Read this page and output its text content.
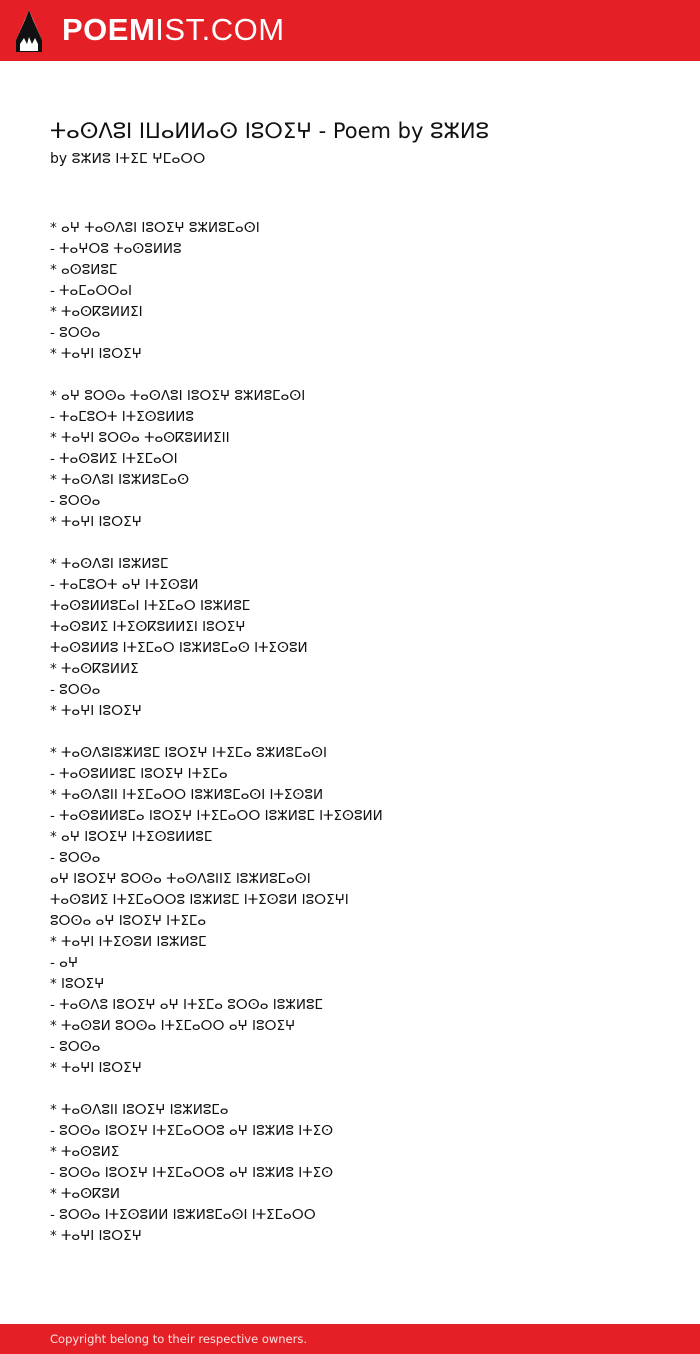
POEMIST.COM
ⵜⴰⵙⴷⵓⵏ ⵏⵡⴰⵍⵍⴰⵙ ⵏⵓⵔⵉⵖ - Poem by ⵓⵣⵍⵓ
by ⵓⵣⵍⵓ ⵏⵜⵉⵎ ⵖⵎⴰⵔⵔ
* ⴰⵖ ⵜⴰⵙⴷⵓⵏ ⵏⵓⵔⵉⵖ ⵓⵣⵍⵓⵎⴰⵙⵏ
- ⵜⴰⵖⵔⵓ ⵜⴰⵙⵓⵍⵍⵓ
* ⴰⵙⵓⵍⵓⵎ
- ⵜⴰⵎⴰⵔⵔⴰⵏ
* ⵜⴰⵙⴽⵓⵍⵍⵉⵏ
- ⵓⵔⵙⴰ
* ⵜⴰⵖⵏ ⵏⵓⵔⵉⵖ
* ⴰⵖ ⵓⵔⵙⴰ ⵜⴰⵙⴷⵓⵏ ⵏⵓⵔⵉⵖ ⵓⵣⵍⵓⵎⴰⵙⵏ
- ⵜⴰⵎⵓⵔⵜ ⵏⵜⵉⵙⵓⵍⵍⵓ
* ⵜⴰⵖⵏ ⵓⵔⵙⴰ ⵜⴰⵙⴽⵓⵍⵍⵉⵏⵏ
- ⵜⴰⵙⵓⵍⵉ ⵏⵜⵉⵎⴰⵔⵏ
* ⵜⴰⵙⴷⵓⵏ ⵏⵓⵣⵍⵓⵎⴰⵙ
- ⵓⵔⵙⴰ
* ⵜⴰⵖⵏ ⵏⵓⵔⵉⵖ
* ⵜⴰⵙⴷⵓⵏ ⵏⵓⵣⵍⵓⵎ
- ⵜⴰⵎⵓⵔⵜ ⴰⵖ ⵏⵜⵉⵙⵓⵍ
ⵜⴰⵙⵓⵍⵍⵓⵎⴰⵏ ⵏⵜⵉⵎⴰⵔ ⵏⵓⵣⵍⵓⵎ
ⵜⴰⵙⵓⵍⵉ ⵏⵜⵉⵙⴽⵓⵍⵍⵉⵏ ⵏⵓⵔⵉⵖ
ⵜⴰⵙⵓⵍⵍⵓ ⵏⵜⵉⵎⴰⵔ ⵏⵓⵣⵍⵓⵎⴰⵙ ⵏⵜⵉⵙⵓⵍ
* ⵜⴰⵙⴽⵓⵍⵍⵉ
- ⵓⵔⵙⴰ
* ⵜⴰⵖⵏ ⵏⵓⵔⵉⵖ
* ⵜⴰⵙⴷⵓⵏⵓⵣⵍⵓⵎ ⵏⵓⵔⵉⵖ ⵏⵜⵉⵎⴰ ⵓⵣⵍⵓⵎⴰⵙⵏ
- ⵜⴰⵙⵓⵍⵍⵓⵎ ⵏⵓⵔⵉⵖ ⵏⵜⵉⵎⴰ
* ⵜⴰⵙⴷⵓⵏⵏ ⵏⵜⵉⵎⴰⵔⵔ ⵏⵓⵣⵍⵓⵎⴰⵙⵏ ⵏⵜⵉⵙⵓⵍ
- ⵜⴰⵙⵓⵍⵍⵓⵎⴰ ⵏⵓⵔⵉⵖ ⵏⵜⵉⵎⴰⵔⵔ ⵏⵓⵣⵍⵓⵎ ⵏⵜⵉⵙⵓⵍⵍ
* ⴰⵖ ⵏⵓⵔⵉⵖ ⵏⵜⵉⵙⵓⵍⵍⵓⵎ
- ⵓⵔⵙⴰ
ⴰⵖ ⵏⵓⵔⵉⵖ ⵓⵔⵙⴰ ⵜⴰⵙⴷⵓⵏⵏⵉ ⵏⵓⵣⵍⵓⵎⴰⵙⵏ
ⵜⴰⵙⵓⵍⵉ ⵏⵜⵉⵎⴰⵔⵔⵓ ⵏⵓⵣⵍⵓⵎ ⵏⵜⵉⵙⵓⵍ ⵏⵓⵔⵉⵖⵏ
ⵓⵔⵙⴰ ⴰⵖ ⵏⵓⵔⵉⵖ ⵏⵜⵉⵎⴰ
* ⵜⴰⵖⵏ ⵏⵜⵉⵙⵓⵍ ⵏⵓⵣⵍⵓⵎ
- ⴰⵖ
* ⵏⵓⵔⵉⵖ
- ⵜⴰⵙⴷⵓ ⵏⵓⵔⵉⵖ ⴰⵖ ⵏⵜⵉⵎⴰ ⵓⵔⵙⴰ ⵏⵓⵣⵍⵓⵎ
* ⵜⴰⵙⵓⵍ ⵓⵔⵙⴰ ⵏⵜⵉⵎⴰⵔⵔ ⴰⵖ ⵏⵓⵔⵉⵖ
- ⵓⵔⵙⴰ
* ⵜⴰⵖⵏ ⵏⵓⵔⵉⵖ
* ⵜⴰⵙⴷⵓⵏⵏ ⵏⵓⵔⵉⵖ ⵏⵓⵣⵍⵓⵎⴰ
- ⵓⵔⵙⴰ ⵏⵓⵔⵉⵖ ⵏⵜⵉⵎⴰⵔⵔⵓ ⴰⵖ ⵏⵓⵣⵍⵓ ⵏⵜⵉⵙ
* ⵜⴰⵙⵓⵍⵉ
- ⵓⵔⵙⴰ ⵏⵓⵔⵉⵖ ⵏⵜⵉⵎⴰⵔⵔⵓ ⴰⵖ ⵏⵓⵣⵍⵓ ⵏⵜⵉⵙ
* ⵜⴰⵙⴽⵓⵍ
- ⵓⵔⵙⴰ ⵏⵜⵉⵙⵓⵍⵍ ⵏⵓⵣⵍⵓⵎⴰⵙⵏ ⵏⵜⵉⵎⴰⵔⵔ
* ⵜⴰⵖⵏ ⵏⵓⵔⵉⵖ
Copyright belong to their respective owners.
